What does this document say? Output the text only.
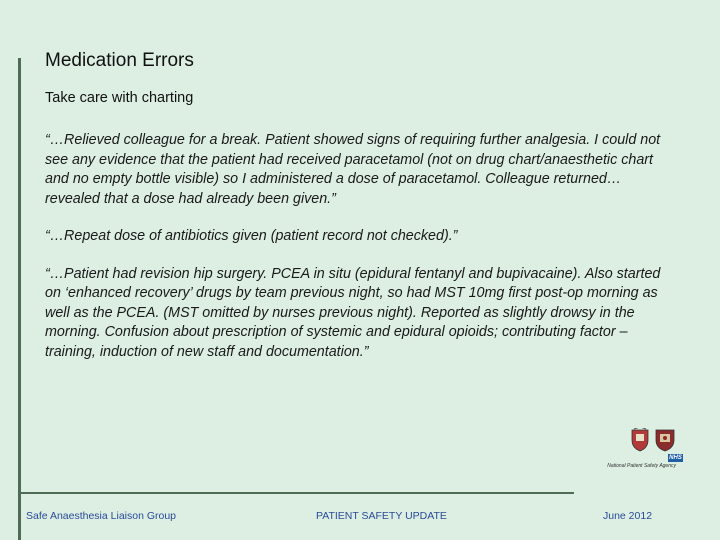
Medication Errors
Take care with charting

“…Relieved colleague for a break. Patient showed signs of requiring further analgesia. I could not see any evidence that the patient had received paracetamol (not on drug chart/anaesthetic chart and no empty bottle visible) so I administered a dose of paracetamol. Colleague returned… revealed that a dose had already been given.”

“…Repeat dose of antibiotics given (patient record not checked).”

“…Patient had revision hip surgery. PCEA in situ (epidural fentanyl and bupivacaine). Also started on ‘enhanced recovery’ drugs by team previous night, so had MST 10mg first post-op morning as well as the PCEA. (MST omitted by nurses previous night). Reported as slightly drowsy in the morning. Confusion about prescription of systemic and epidural opioids; contributing factor – training, induction of new staff and documentation.”

NHS
National Patient Safety Agency
Safe Anaesthesia Liaison Group	PATIENT SAFETY UPDATE	June 2012
